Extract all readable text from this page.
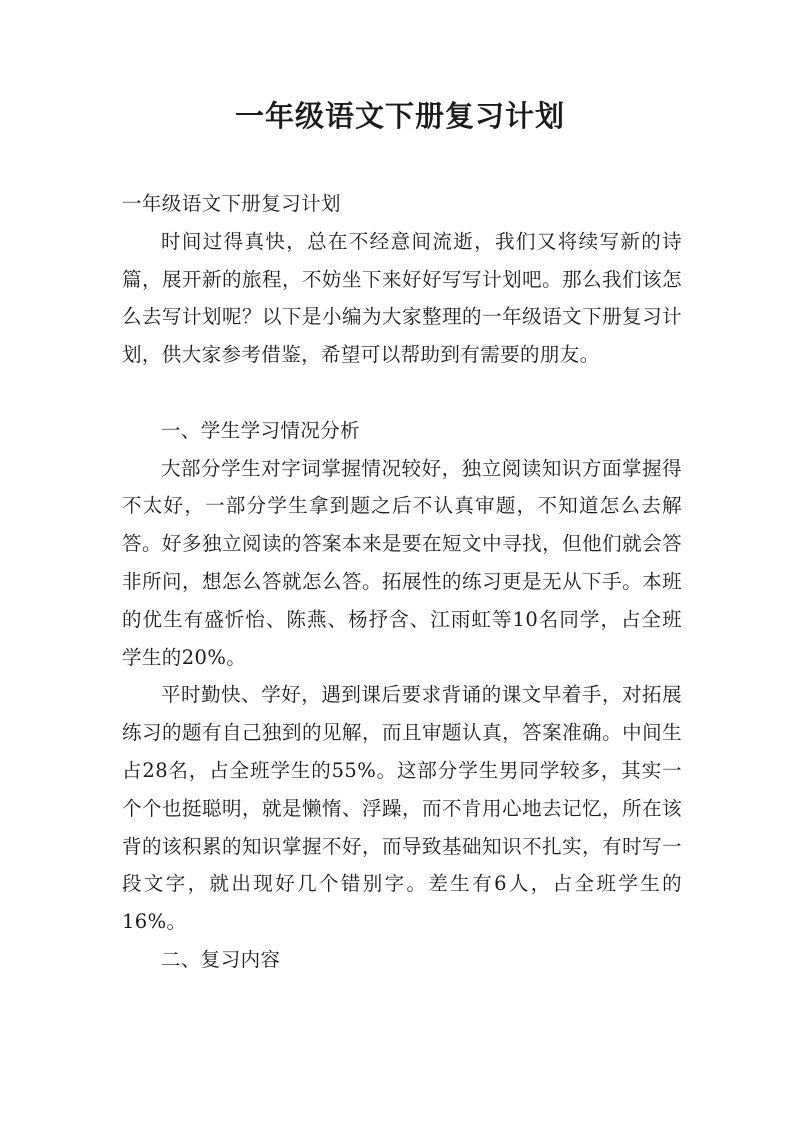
一年级语文下册复习计划

一年级语文下册复习计划

时间过得真快，总在不经意间流逝，我们又将续写新的诗篇，展开新的旅程，不妨坐下来好好写写计划吧。那么我们该怎么去写计划呢？以下是小编为大家整理的一年级语文下册复习计划，供大家参考借鉴，希望可以帮助到有需要的朋友。

一、学生学习情况分析

大部分学生对字词掌握情况较好，独立阅读知识方面掌握得不太好，一部分学生拿到题之后不认真审题，不知道怎么去解答。好多独立阅读的答案本来是要在短文中寻找，但他们就会答非所问，想怎么答就怎么答。拓展性的练习更是无从下手。本班的优生有盛忻怡、陈燕、杨抒含、江雨虹等10名同学，占全班学生的20%。

平时勤快、学好，遇到课后要求背诵的课文早着手，对拓展练习的题有自己独到的见解，而且审题认真，答案准确。中间生占28名，占全班学生的55%。这部分学生男同学较多，其实一个个也挺聪明，就是懒惰、浮躁，而不肯用心地去记忆，所在该背的该积累的知识掌握不好，而导致基础知识不扎实，有时写一段文字，就出现好几个错别字。差生有6人，占全班学生的16%。

二、复习内容
